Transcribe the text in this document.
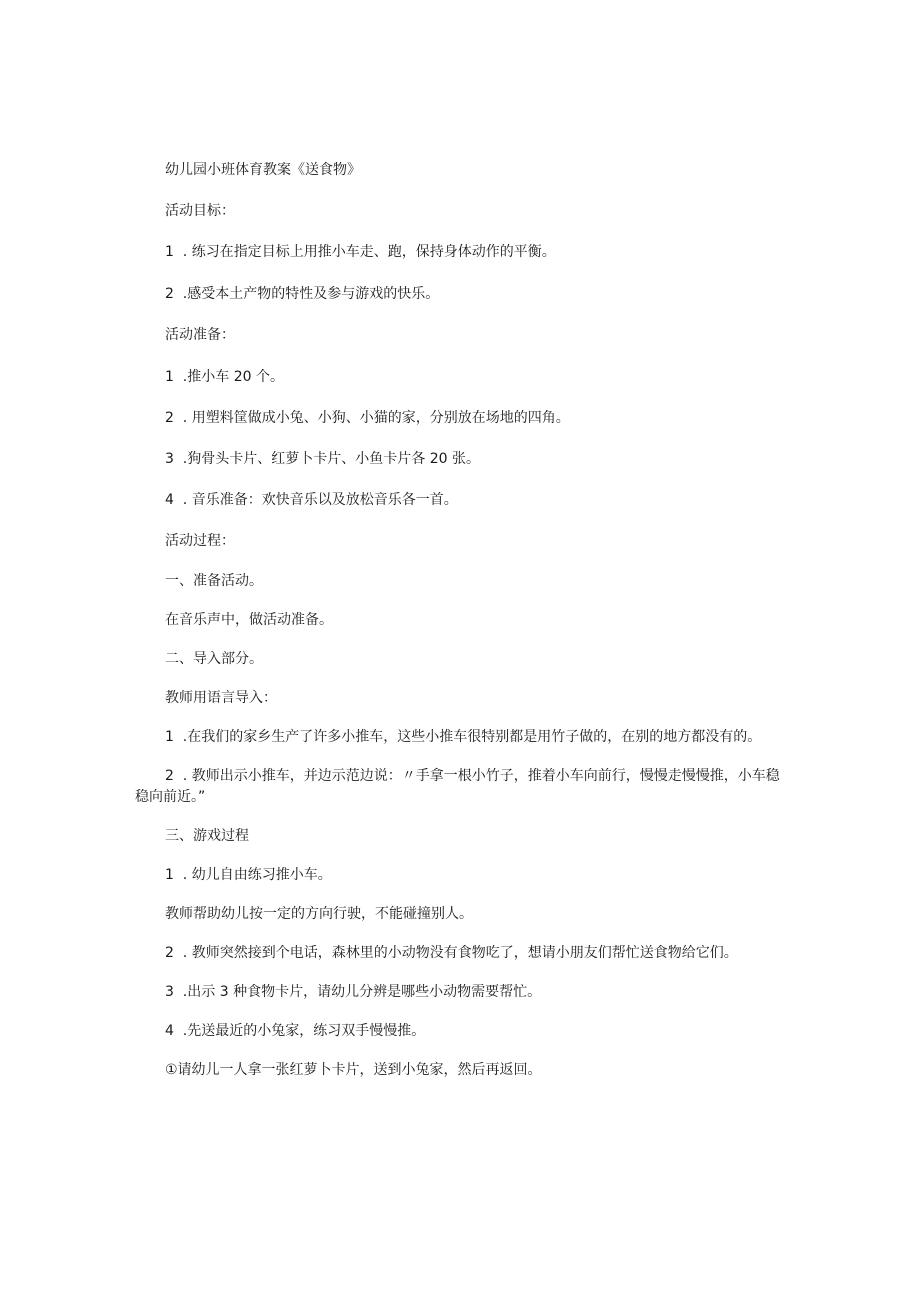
幼儿园小班体育教案《送食物》

活动目标：

1  . 练习在指定目标上用推小车走、跑，保持身体动作的平衡。

2  .感受本土产物的特性及参与游戏的快乐。

活动准备：

1  .推小车 20 个。

2  . 用塑料筐做成小兔、小狗、小猫的家，分别放在场地的四角。

3  .狗骨头卡片、红萝卜卡片、小鱼卡片各 20 张。

4  . 音乐准备：欢快音乐以及放松音乐各一首。

活动过程：

一、准备活动。

在音乐声中，做活动准备。

二、导入部分。

教师用语言导入：

1  .在我们的家乡生产了许多小推车，这些小推车很特别都是用竹子做的，在别的地方都没有的。

2  . 教师出示小推车，并边示范边说：〃手拿一根小竹子，推着小车向前行，慢慢走慢慢推，小车稳稳向前近。”

三、游戏过程

1  . 幼儿自由练习推小车。

教师帮助幼儿按一定的方向行驶，不能碰撞别人。

2  . 教师突然接到个电话，森林里的小动物没有食物吃了，想请小朋友们帮忙送食物给它们。

3  .出示 3 种食物卡片，请幼儿分辨是哪些小动物需要帮忙。

4  .先送最近的小兔家，练习双手慢慢推。

①请幼儿一人拿一张红萝卜卡片，送到小兔家，然后再返回。
